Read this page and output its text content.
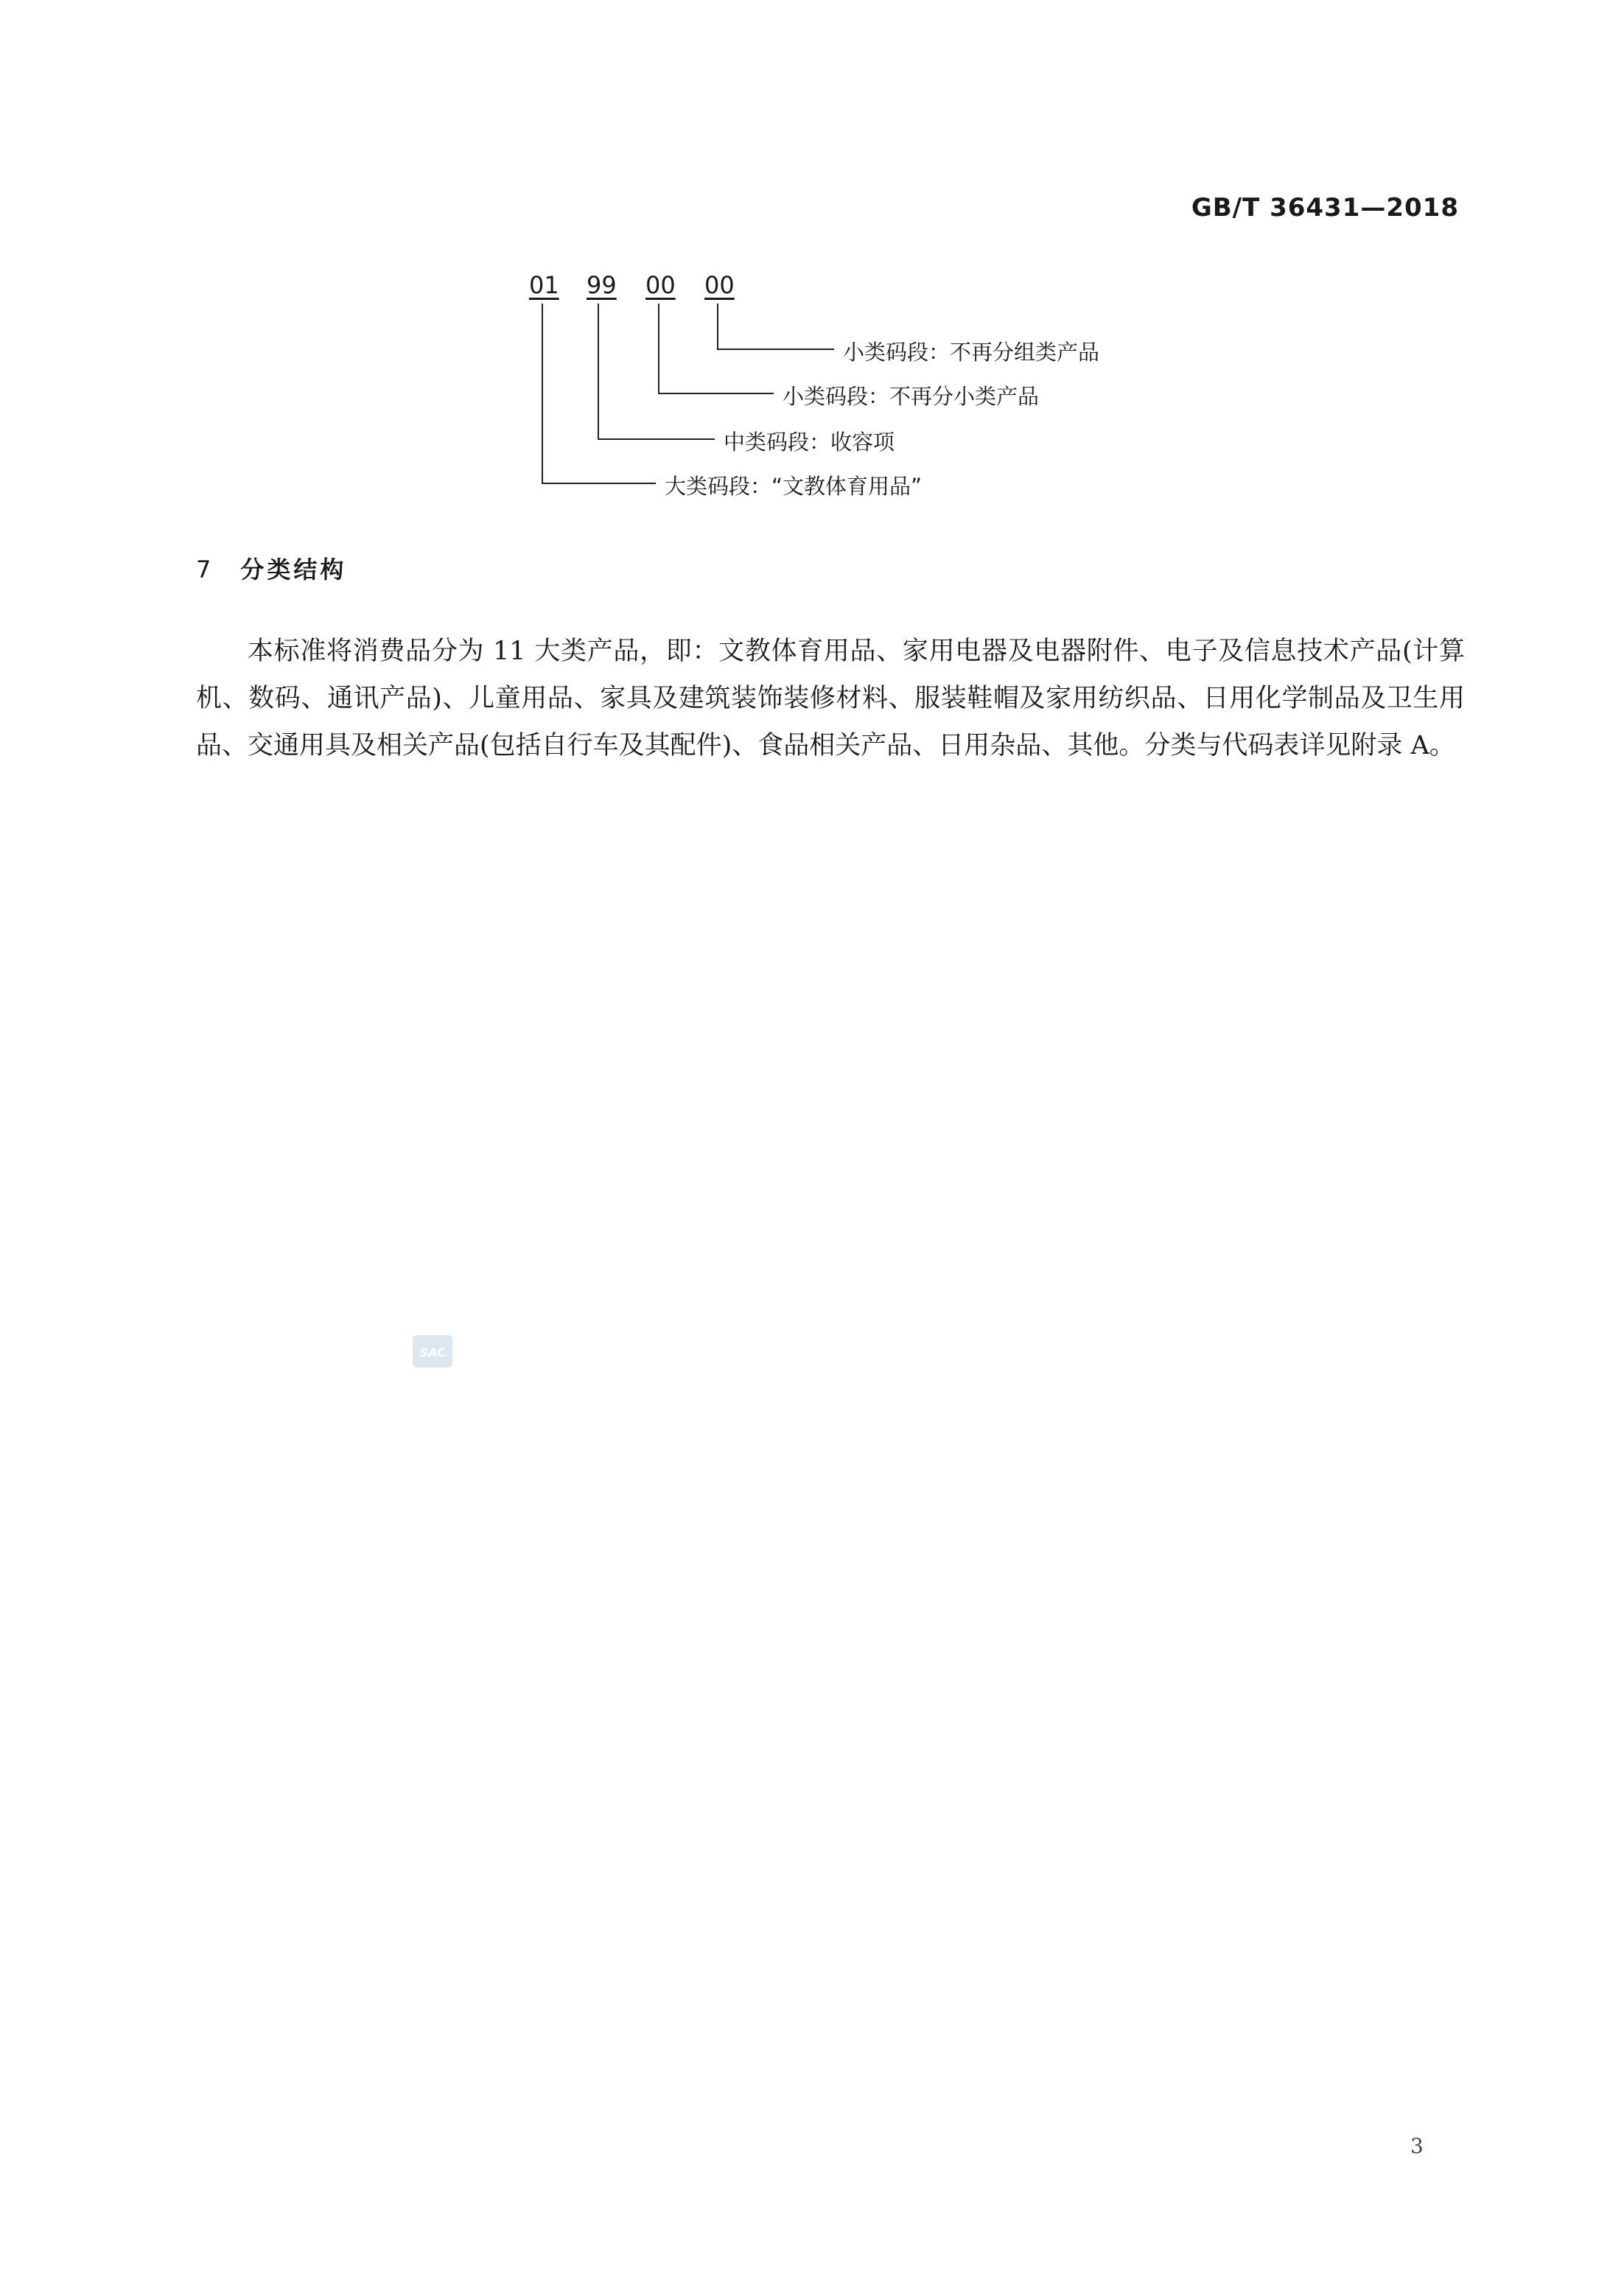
GB/T 36431—2018
01 99 00 00
小类码段：不再分组类产品
小类码段：不再分小类产品
中类码段：收容项
大类码段：“文教体育用品”
7 分类结构

本标准将消费品分为 11 大类产品，即：文教体育用品、家用电器及电器附件、电子及信息技术产品(计算机、数码、通讯产品)、儿童用品、家具及建筑装饰装修材料、服装鞋帽及家用纺织品、日用化学制品及卫生用品、交通用具及相关产品(包括自行车及其配件)、食品相关产品、日用杂品、其他。分类与代码表详见附录 A。

SAC
3
